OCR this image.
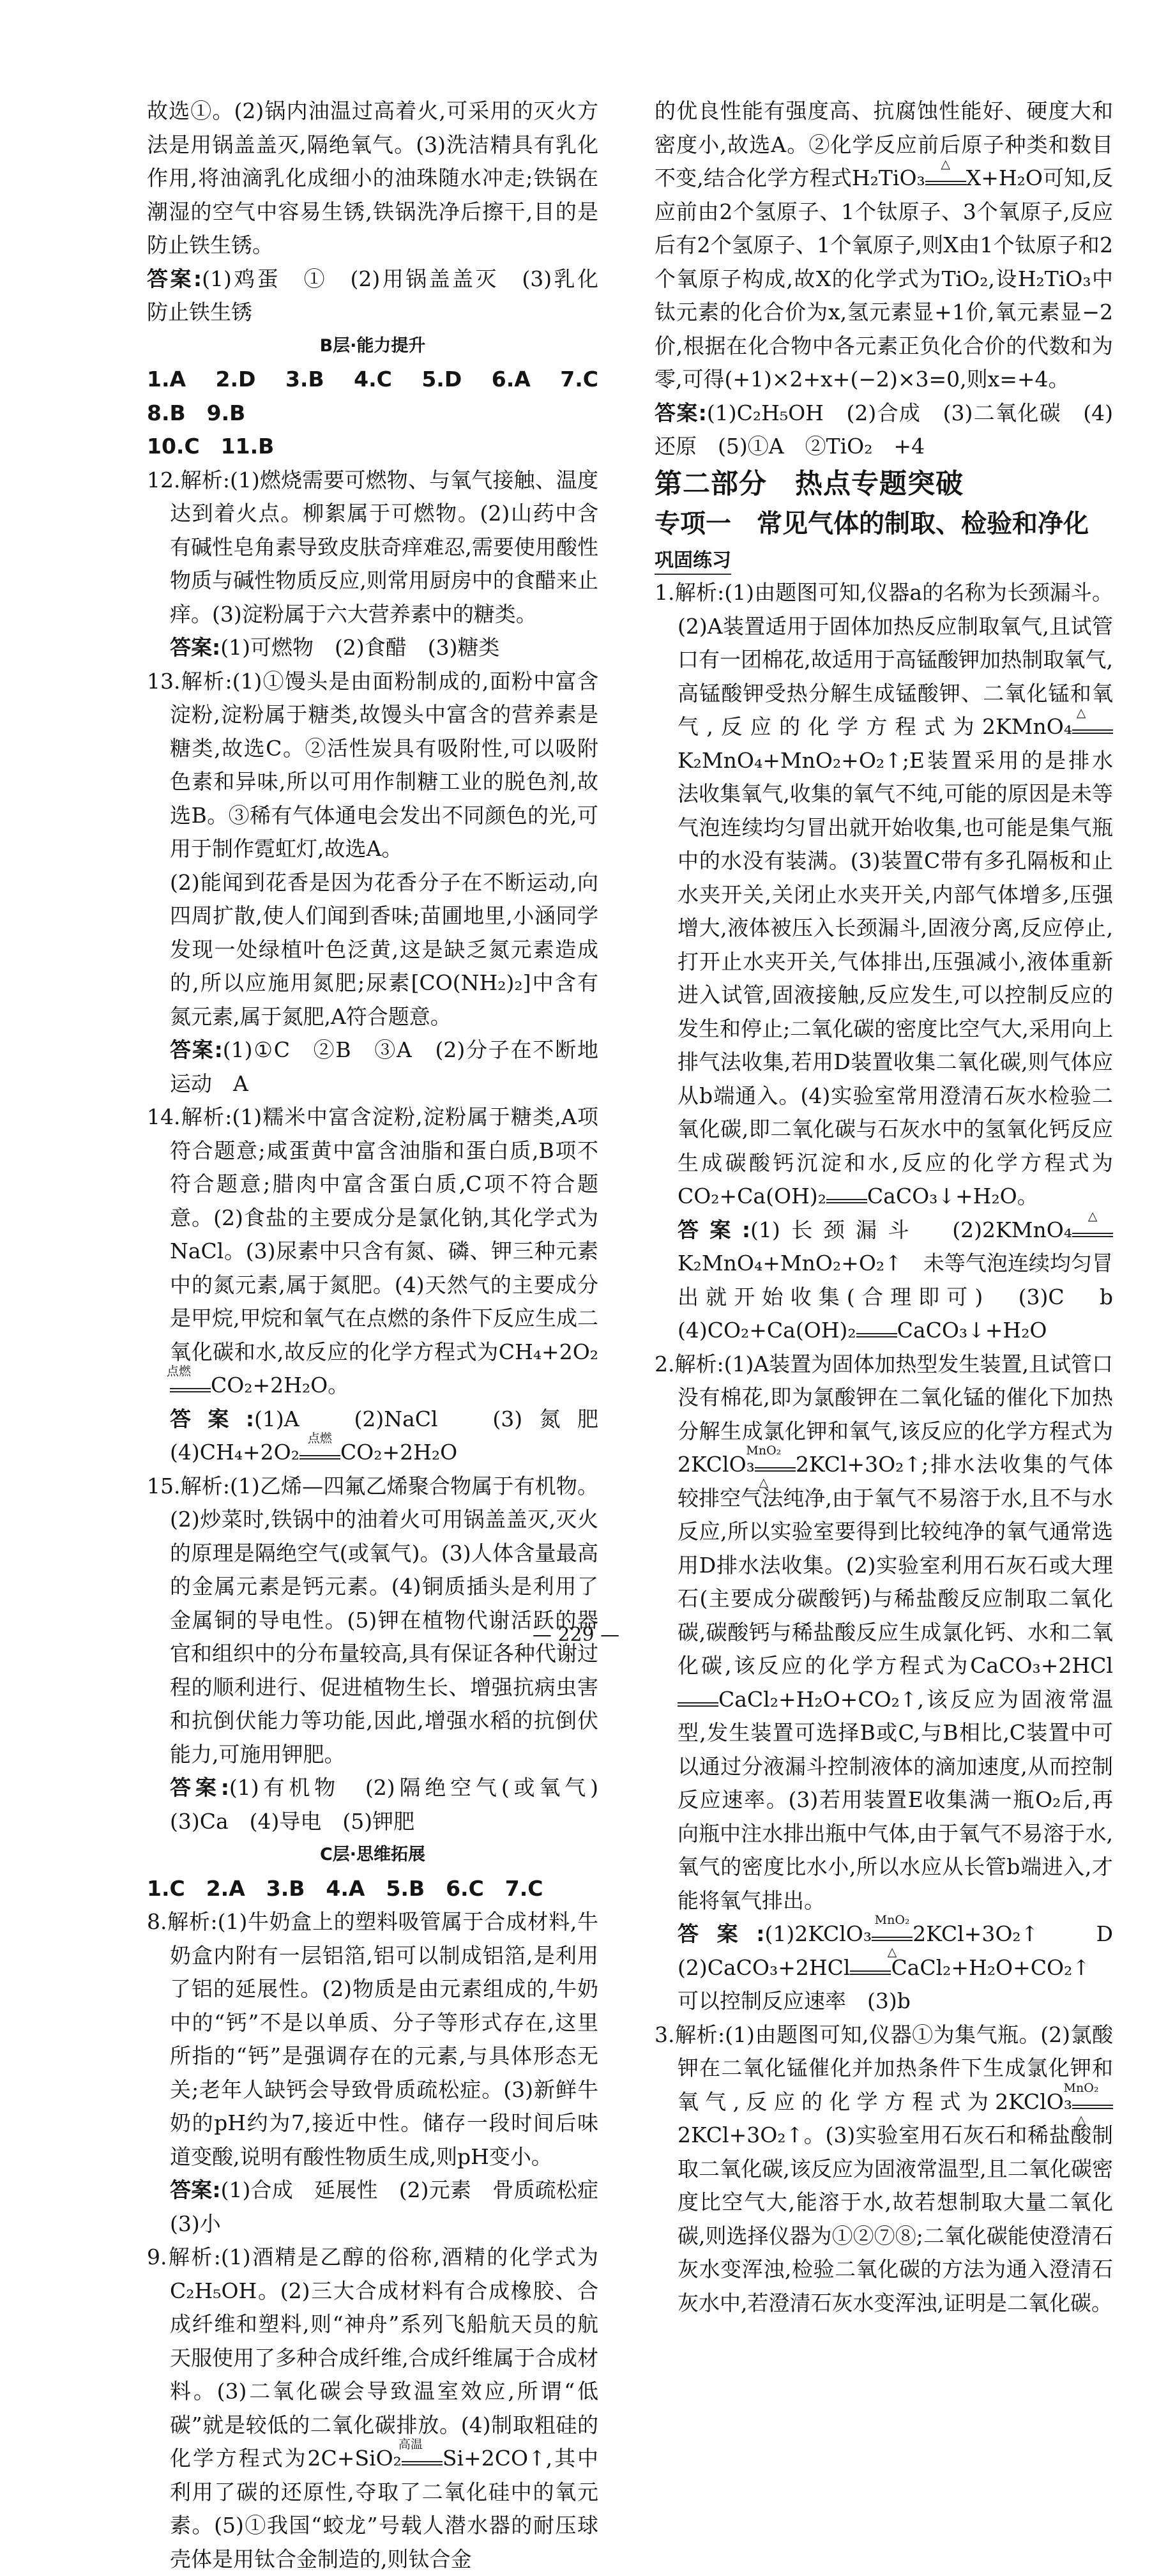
故选①。(2)锅内油温过高着火,可采用的灭火方法是用锅盖盖灭,隔绝氧气。(3)洗洁精具有乳化作用,将油滴乳化成细小的油珠随水冲走;铁锅在潮湿的空气中容易生锈,铁锅洗净后擦干,目的是防止铁生锈。

答案:(1)鸡蛋　①　(2)用锅盖盖灭　(3)乳化　防止铁生锈

B层·能力提升

1.A　2.D　3.B　4.C　5.D　6.A　7.C　8.B　9.B

10.C　11.B

12.解析:(1)燃烧需要可燃物、与氧气接触、温度达到着火点。柳絮属于可燃物。(2)山药中含有碱性皂角素导致皮肤奇痒难忍,需要使用酸性物质与碱性物质反应,则常用厨房中的食醋来止痒。(3)淀粉属于六大营养素中的糖类。

答案:(1)可燃物　(2)食醋　(3)糖类

13.解析:(1)①馒头是由面粉制成的,面粉中富含淀粉,淀粉属于糖类,故馒头中富含的营养素是糖类,故选C。②活性炭具有吸附性,可以吸附色素和异味,所以可用作制糖工业的脱色剂,故选B。③稀有气体通电会发出不同颜色的光,可用于制作霓虹灯,故选A。

(2)能闻到花香是因为花香分子在不断运动,向四周扩散,使人们闻到香味;苗圃地里,小涵同学发现一处绿植叶色泛黄,这是缺乏氮元素造成的,所以应施用氮肥;尿素[CO(NH₂)₂]中含有氮元素,属于氮肥,A符合题意。

答案:(1)①C　②B　③A　(2)分子在不断地运动　A

14.解析:(1)糯米中富含淀粉,淀粉属于糖类,A项符合题意;咸蛋黄中富含油脂和蛋白质,B项不符合题意;腊肉中富含蛋白质,C项不符合题意。(2)食盐的主要成分是氯化钠,其化学式为NaCl。(3)尿素中只含有氮、磷、钾三种元素中的氮元素,属于氮肥。(4)天然气的主要成分是甲烷,甲烷和氧气在点燃的条件下反应生成二氧化碳和水,故反应的化学方程式为CH₄+2O₂
点燃
CO₂+2H₂O。

答案:(1)A　(2)NaCl　(3)氮肥　(4)CH₄+2O₂
点燃
CO₂+2H₂O

15.解析:(1)乙烯—四氟乙烯聚合物属于有机物。(2)炒菜时,铁锅中的油着火可用锅盖盖灭,灭火的原理是隔绝空气(或氧气)。(3)人体含量最高的金属元素是钙元素。(4)铜质插头是利用了金属铜的导电性。(5)钾在植物代谢活跃的器官和组织中的分布量较高,具有保证各种代谢过程的顺利进行、促进植物生长、增强抗病虫害和抗倒伏能力等功能,因此,增强水稻的抗倒伏能力,可施用钾肥。

答案:(1)有机物　(2)隔绝空气(或氧气)　(3)Ca　(4)导电　(5)钾肥

C层·思维拓展

1.C　2.A　3.B　4.A　5.B　6.C　7.C

8.解析:(1)牛奶盒上的塑料吸管属于合成材料,牛奶盒内附有一层铝箔,铝可以制成铝箔,是利用了铝的延展性。(2)物质是由元素组成的,牛奶中的“钙”不是以单质、分子等形式存在,这里所指的“钙”是强调存在的元素,与具体形态无关;老年人缺钙会导致骨质疏松症。(3)新鲜牛奶的pH约为7,接近中性。储存一段时间后味道变酸,说明有酸性物质生成,则pH变小。

答案:(1)合成　延展性　(2)元素　骨质疏松症　(3)小

9.解析:(1)酒精是乙醇的俗称,酒精的化学式为C₂H₅OH。(2)三大合成材料有合成橡胶、合成纤维和塑料,则“神舟”系列飞船航天员的航天服使用了多种合成纤维,合成纤维属于合成材料。(3)二氧化碳会导致温室效应,所谓“低碳”就是较低的二氧化碳排放。(4)制取粗硅的化学方程式为2C+SiO₂
高温
Si+2CO↑,其中利用了碳的还原性,夺取了二氧化硅中的氧元素。(5)①我国“蛟龙”号载人潜水器的耐压球壳体是用钛合金制造的,则钛合金

的优良性能有强度高、抗腐蚀性能好、硬度大和密度小,故选A。②化学反应前后原子种类和数目不变,结合化学方程式H₂TiO₃
△
X+H₂O可知,反应前由2个氢原子、1个钛原子、3个氧原子,反应后有2个氢原子、1个氧原子,则X由1个钛原子和2个氧原子构成,故X的化学式为TiO₂,设H₂TiO₃中钛元素的化合价为x,氢元素显+1价,氧元素显−2价,根据在化合物中各元素正负化合价的代数和为零,可得(+1)×2+x+(−2)×3=0,则x=+4。

答案:(1)C₂H₅OH　(2)合成　(3)二氧化碳　(4)还原　(5)①A　②TiO₂　+4

第二部分　热点专题突破

专项一　常见气体的制取、检验和净化

巩固练习

1.解析:(1)由题图可知,仪器a的名称为长颈漏斗。(2)A装置适用于固体加热反应制取氧气,且试管口有一团棉花,故适用于高锰酸钾加热制取氧气,高锰酸钾受热分解生成锰酸钾、二氧化锰和氧气,反应的化学方程式为2KMnO₄
△
K₂MnO₄+MnO₂+O₂↑;E装置采用的是排水法收集氧气,收集的氧气不纯,可能的原因是未等气泡连续均匀冒出就开始收集,也可能是集气瓶中的水没有装满。(3)装置C带有多孔隔板和止水夹开关,关闭止水夹开关,内部气体增多,压强增大,液体被压入长颈漏斗,固液分离,反应停止,打开止水夹开关,气体排出,压强减小,液体重新进入试管,固液接触,反应发生,可以控制反应的发生和停止;二氧化碳的密度比空气大,采用向上排气法收集,若用D装置收集二氧化碳,则气体应从b端通入。(4)实验室常用澄清石灰水检验二氧化碳,即二氧化碳与石灰水中的氢氧化钙反应生成碳酸钙沉淀和水,反应的化学方程式为CO₂+Ca(OH)₂ CaCO₃↓+H₂O。

答案:(1)长颈漏斗　(2)2KMnO₄
△
K₂MnO₄+MnO₂+O₂↑　未等气泡连续均匀冒出就开始收集(合理即可)　(3)C　b　(4)CO₂+Ca(OH)₂ CaCO₃↓+H₂O

2.解析:(1)A装置为固体加热型发生装置,且试管口没有棉花,即为氯酸钾在二氧化锰的催化下加热分解生成氯化钾和氧气,该反应的化学方程式为2KClO₃
MnO₂
△
2KCl+3O₂↑;排水法收集的气体较排空气法纯净,由于氧气不易溶于水,且不与水反应,所以实验室要得到比较纯净的氧气通常选用D排水法收集。(2)实验室利用石灰石或大理石(主要成分碳酸钙)与稀盐酸反应制取二氧化碳,碳酸钙与稀盐酸反应生成氯化钙、水和二氧化碳,该反应的化学方程式为CaCO₃+2HCl
CaCl₂+H₂O+CO₂↑,该反应为固液常温型,发生装置可选择B或C,与B相比,C装置中可以通过分液漏斗控制液体的滴加速度,从而控制反应速率。(3)若用装置E收集满一瓶O₂后,再向瓶中注水排出瓶中气体,由于氧气不易溶于水,氧气的密度比水小,所以水应从长管b端进入,才能将氧气排出。

答案:(1)2KClO₃
MnO₂
△
2KCl+3O₂↑　D　(2)CaCO₃+2HCl CaCl₂+H₂O+CO₂↑　可以控制反应速率　(3)b

3.解析:(1)由题图可知,仪器①为集气瓶。(2)氯酸钾在二氧化锰催化并加热条件下生成氯化钾和氧气,反应的化学方程式为2KClO₃
MnO₂
△
2KCl+3O₂↑。(3)实验室用石灰石和稀盐酸制取二氧化碳,该反应为固液常温型,且二氧化碳密度比空气大,能溶于水,故若想制取大量二氧化碳,则选择仪器为①②⑦⑧;二氧化碳能使澄清石灰水变浑浊,检验二氧化碳的方法为通入澄清石灰水中,若澄清石灰水变浑浊,证明是二氧化碳。

— 229 —
